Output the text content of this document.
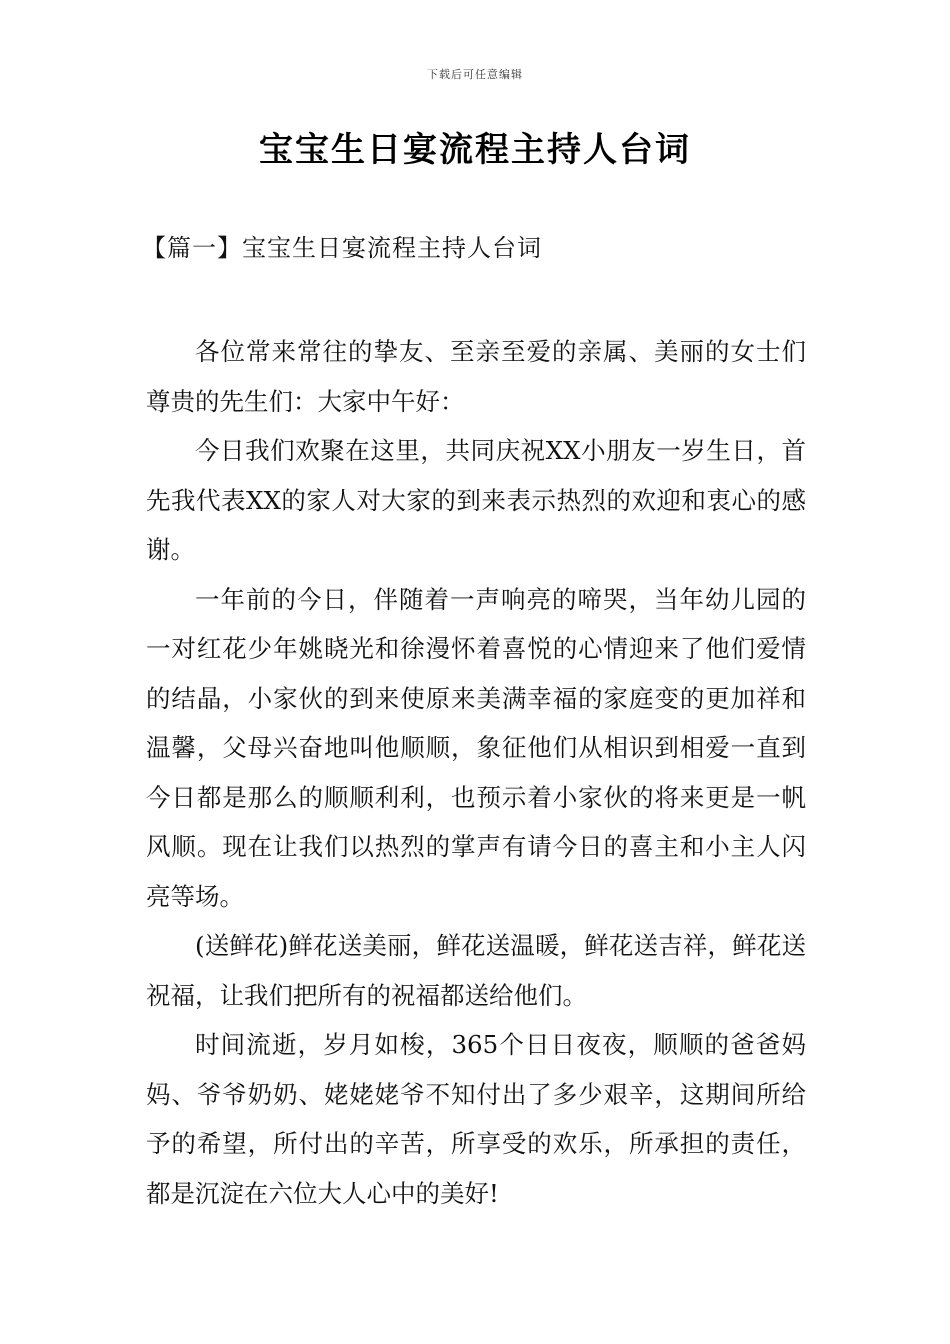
下载后可任意编辑
宝宝生日宴流程主持人台词
【篇一】宝宝生日宴流程主持人台词

各位常来常往的挚友、至亲至爱的亲属、美丽的女士们尊贵的先生们：大家中午好：

今日我们欢聚在这里，共同庆祝XX小朋友一岁生日，首先我代表XX的家人对大家的到来表示热烈的欢迎和衷心的感谢。

一年前的今日，伴随着一声响亮的啼哭，当年幼儿园的一对红花少年姚晓光和徐漫怀着喜悦的心情迎来了他们爱情的结晶，小家伙的到来使原来美满幸福的家庭变的更加祥和温馨，父母兴奋地叫他顺顺，象征他们从相识到相爱一直到今日都是那么的顺顺利利，也预示着小家伙的将来更是一帆风顺。现在让我们以热烈的掌声有请今日的喜主和小主人闪亮等场。

(送鲜花)鲜花送美丽，鲜花送温暖，鲜花送吉祥，鲜花送祝福，让我们把所有的祝福都送给他们。

时间流逝，岁月如梭，365个日日夜夜，顺顺的爸爸妈妈、爷爷奶奶、姥姥姥爷不知付出了多少艰辛，这期间所给予的希望，所付出的辛苦，所享受的欢乐，所承担的责任，都是沉淀在六位大人心中的美好!
